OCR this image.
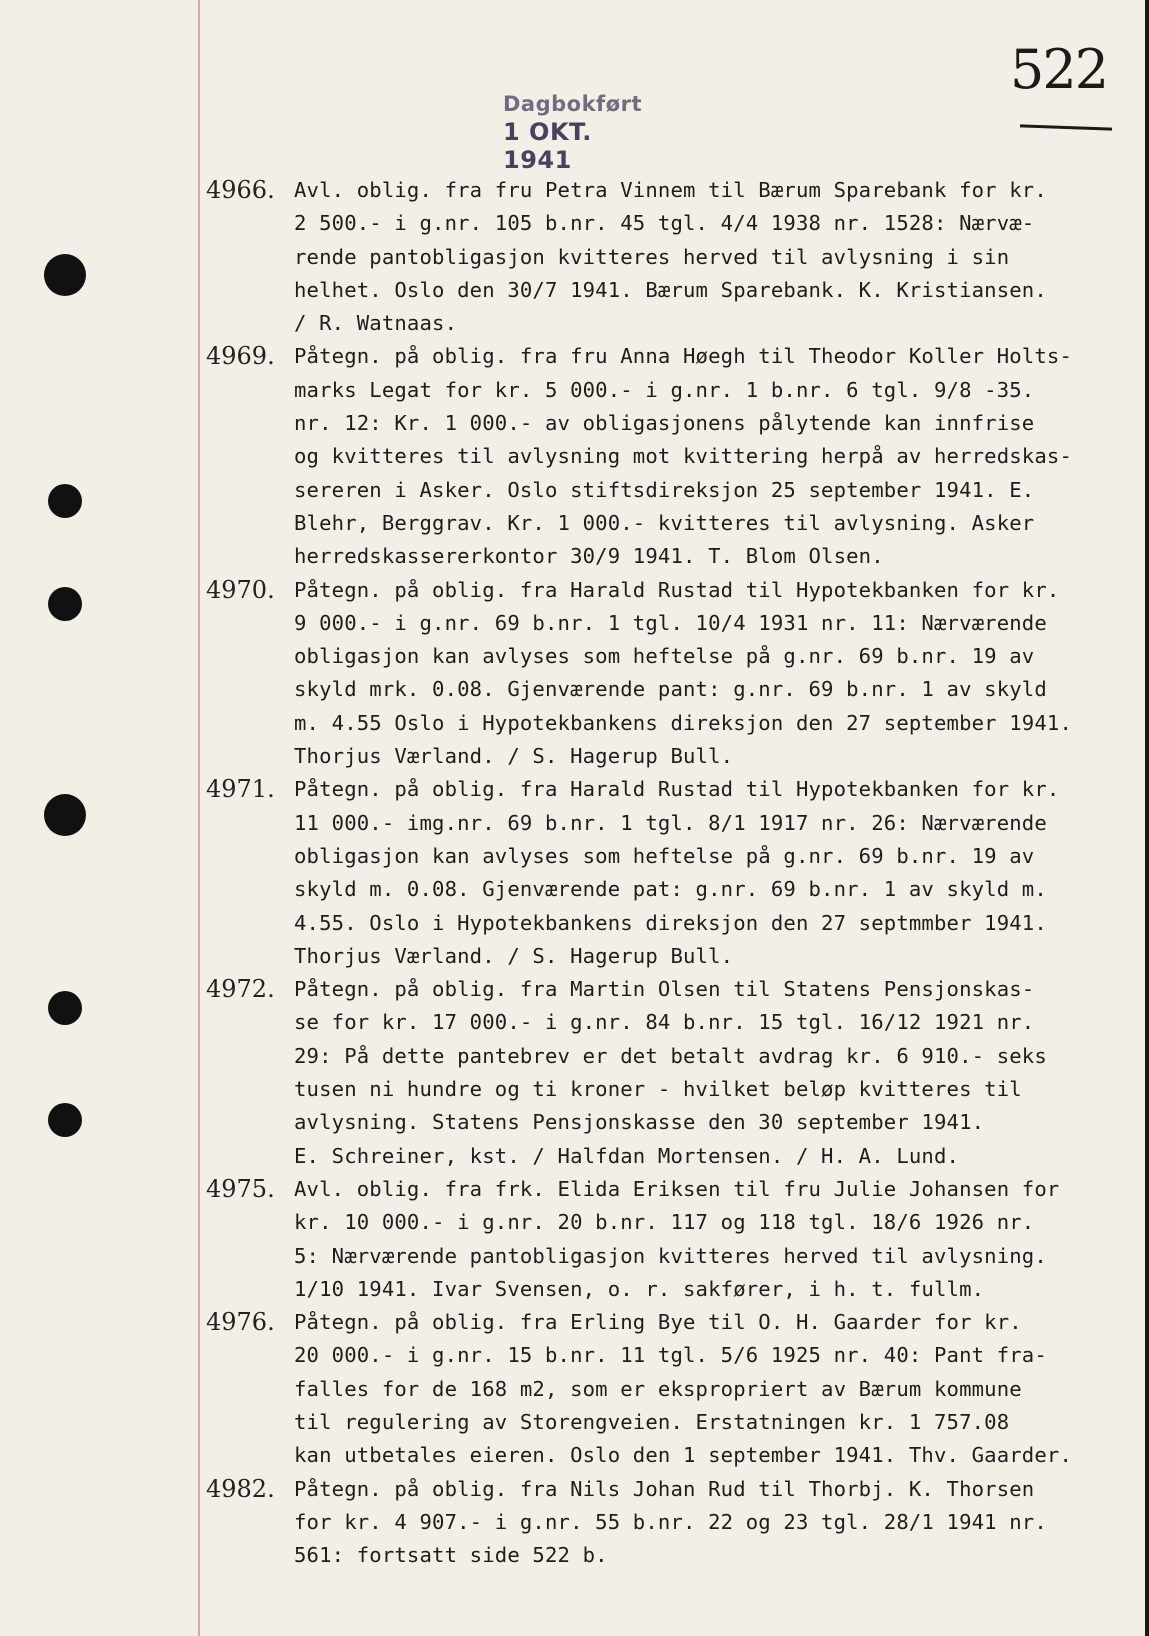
Dagbokført
1 OKT. 1941
522
4966. Avl. oblig. fra fru Petra Vinnem til Bærum Sparebank for kr.
2 500.- i g.nr. 105 b.nr. 45 tgl. 4/4 1938 nr. 1528: Nærvæ-
rende pantobligasjon kvitteres herved til avlysning i sin
helhet. Oslo den 30/7 1941. Bærum Sparebank. K. Kristiansen.
/ R. Watnaas.
4969. Påtegn. på oblig. fra fru Anna Høegh til Theodor Koller Holts-
marks Legat for kr. 5 000.- i g.nr. 1 b.nr. 6 tgl. 9/8 -35.
nr. 12: Kr. 1 000.- av obligasjonens pålytende kan innfrise
og kvitteres til avlysning mot kvittering herpå av herredskas-
sereren i Asker. Oslo stiftsdireksjon 25 september 1941. E.
Blehr, Berggrav. Kr. 1 000.- kvitteres til avlysning. Asker
herredskassererkontor 30/9 1941. T. Blom Olsen.
4970. Påtegn. på oblig. fra Harald Rustad til Hypotekbanken for kr.
9 000.- i g.nr. 69 b.nr. 1 tgl. 10/4 1931 nr. 11: Nærværende
obligasjon kan avlyses som heftelse på g.nr. 69 b.nr. 19 av
skyld mrk. 0.08. Gjenværende pant: g.nr. 69 b.nr. 1 av skyld
m. 4.55 Oslo i Hypotekbankens direksjon den 27 september 1941.
Thorjus Værland. / S. Hagerup Bull.
4971. Påtegn. på oblig. fra Harald Rustad til Hypotekbanken for kr.
11 000.- img.nr. 69 b.nr. 1 tgl. 8/1 1917 nr. 26: Nærværende
obligasjon kan avlyses som heftelse på g.nr. 69 b.nr. 19 av
skyld m. 0.08. Gjenværende pat: g.nr. 69 b.nr. 1 av skyld m.
4.55. Oslo i Hypotekbankens direksjon den 27 septmmber 1941.
Thorjus Værland. / S. Hagerup Bull.
4972. Påtegn. på oblig. fra Martin Olsen til Statens Pensjonskas-
se for kr. 17 000.- i g.nr. 84 b.nr. 15 tgl. 16/12 1921 nr.
29: På dette pantebrev er det betalt avdrag kr. 6 910.- seks
tusen ni hundre og ti kroner - hvilket beløp kvitteres til
avlysning. Statens Pensjonskasse den 30 september 1941.
E. Schreiner, kst. / Halfdan Mortensen. / H. A. Lund.
4975. Avl. oblig. fra frk. Elida Eriksen til fru Julie Johansen for
kr. 10 000.- i g.nr. 20 b.nr. 117 og 118 tgl. 18/6 1926 nr.
5: Nærværende pantobligasjon kvitteres herved til avlysning.
1/10 1941. Ivar Svensen, o. r. sakfører, i h. t. fullm.
4976. Påtegn. på oblig. fra Erling Bye til O. H. Gaarder for kr.
20 000.- i g.nr. 15 b.nr. 11 tgl. 5/6 1925 nr. 40: Pant fra-
falles for de 168 m2, som er ekspropriert av Bærum kommune
til regulering av Storengveien. Erstatningen kr. 1 757.08
kan utbetales eieren. Oslo den 1 september 1941. Thv. Gaarder.
4982. Påtegn. på oblig. fra Nils Johan Rud til Thorbj. K. Thorsen
for kr. 4 907.- i g.nr. 55 b.nr. 22 og 23 tgl. 28/1 1941 nr.
561: fortsatt side 522 b.
